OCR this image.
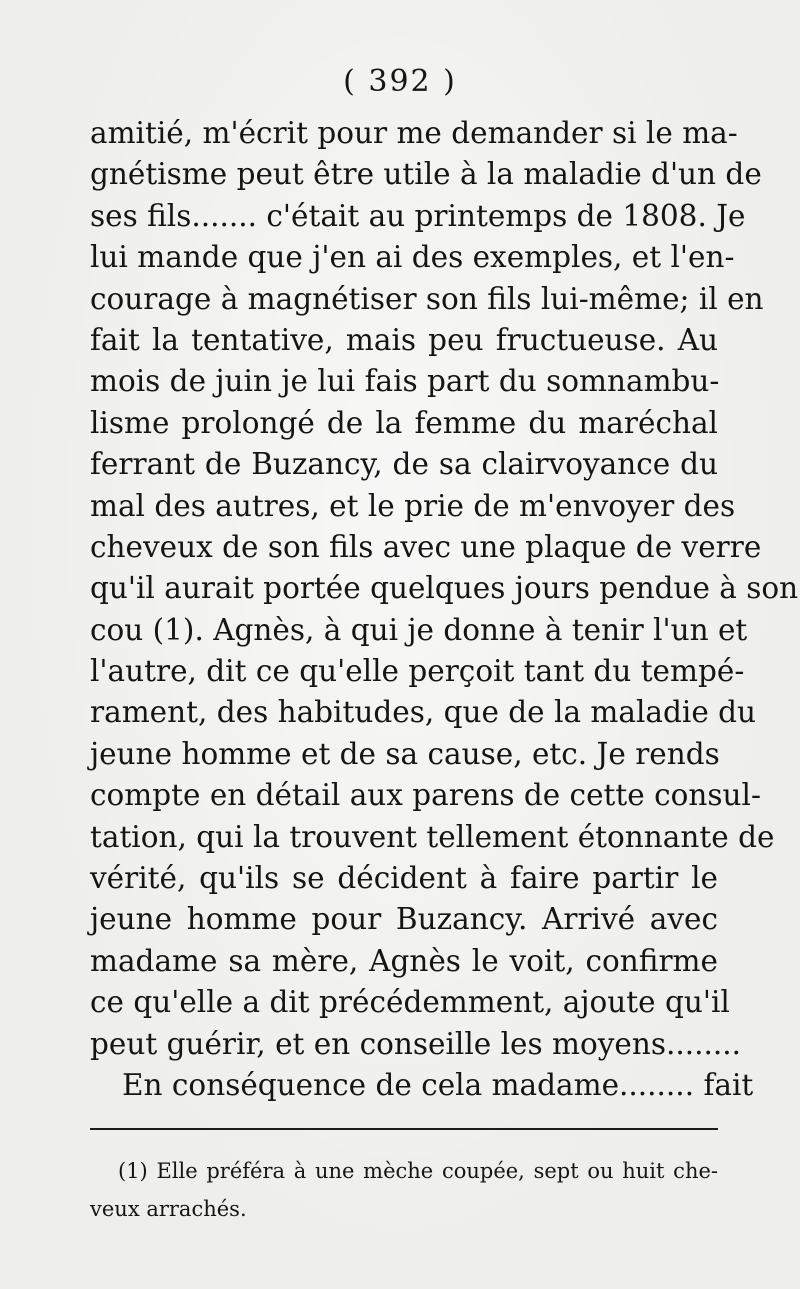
( 392 )
amitié, m'écrit pour me demander si le ma-
gnétisme peut être utile à la maladie d'un de
ses fils....... c'était au printemps de 1808. Je
lui mande que j'en ai des exemples, et l'en-
courage à magnétiser son fils lui-même; il en
fait la tentative, mais peu fructueuse. Au
mois de juin je lui fais part du somnambu-
lisme prolongé de la femme du maréchal
ferrant de Buzancy, de sa clairvoyance du
mal des autres, et le prie de m'envoyer des
cheveux de son fils avec une plaque de verre
qu'il aurait portée quelques jours pendue à son
cou (1). Agnès, à qui je donne à tenir l'un et
l'autre, dit ce qu'elle perçoit tant du tempé-
rament, des habitudes, que de la maladie du
jeune homme et de sa cause, etc. Je rends
compte en détail aux parens de cette consul-
tation, qui la trouvent tellement étonnante de
vérité, qu'ils se décident à faire partir le
jeune homme pour Buzancy. Arrivé avec
madame sa mère, Agnès le voit, confirme
ce qu'elle a dit précédemment, ajoute qu'il
peut guérir, et en conseille les moyens........
En conséquence de cela madame........ fait
(1) Elle préféra à une mèche coupée, sept ou huit che-
veux arrachés.
